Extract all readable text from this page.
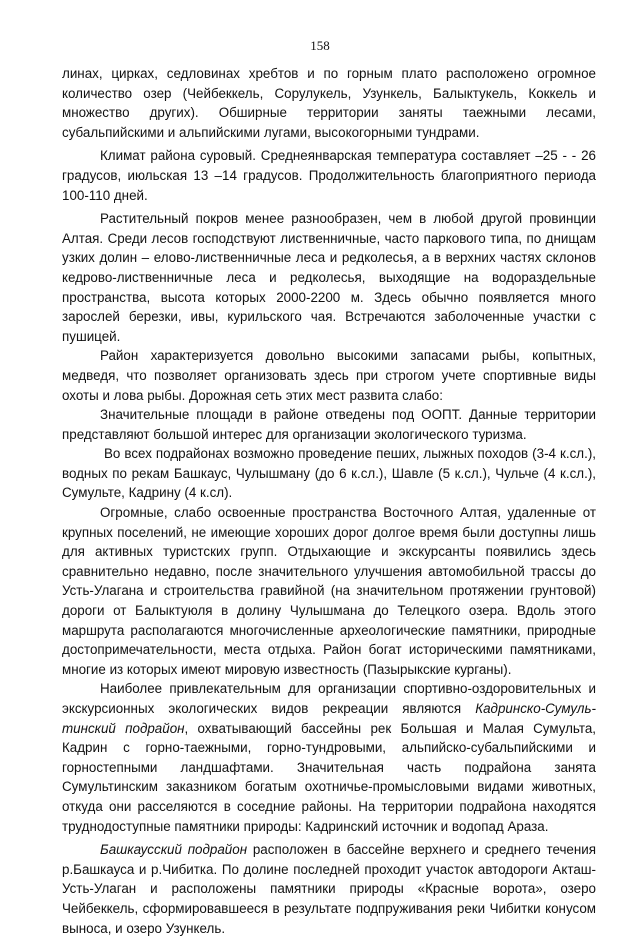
158

линах, цирках, седловинах хребтов и по горным плато расположено огромное количество озер (Чейбеккель, Сорулукель, Узункель, Балыктукель, Коккель и множество других). Обширные территории заняты таежными лесами, субальпийскими и альпийскими лугами, высокогорными тундрами.

Климат района суровый. Среднеянварская температура составляет –25 - - 26 градусов, июльская 13 –14 градусов. Продолжительность благоприятного периода 100-110 дней.

Растительный покров менее разнообразен, чем в любой другой провинции Алтая. Среди лесов господствуют лиственничные, часто паркового типа, по днищам узких долин – елово-лиственничные леса и редколесья, а в верхних частях склонов кедрово-лиственничные леса и редколесья, выходящие на водораздельные пространства, высота которых 2000-2200 м. Здесь обычно появляется много зарослей березки, ивы, курильского чая. Встречаются заболоченные участки с пушицей.

Район характеризуется довольно высокими запасами рыбы, копытных, медведя, что позволяет организовать здесь при строгом учете спортивные виды охоты и лова рыбы. Дорожная сеть этих мест развита слабо:

Значительные площади в районе отведены под ООПТ. Данные территории представляют большой интерес для организации экологического туризма.

Во всех подрайонах возможно проведение пеших, лыжных походов (3-4 к.сл.), водных по рекам Башкаус, Чулышману (до 6 к.сл.), Шавле (5 к.сл.), Чульче (4 к.сл.), Сумульте, Кадрину (4 к.сл).

Огромные, слабо освоенные пространства Восточного Алтая, удаленные от крупных поселений, не имеющие хороших дорог долгое время были доступны лишь для активных туристских групп. Отдыхающие и экскурсанты появились здесь сравнительно недавно, после значительного улучшения автомобильной трассы до Усть-Улагана и строительства гравийной (на значительном протяжении грунтовой) дороги от Балыктуюля в долину Чулышмана до Телецкого озера. Вдоль этого маршрута располагаются многочисленные археологические памятники, природные достопримечательности, места отдыха. Район богат историческими памятниками, многие из которых имеют мировую известность (Пазырыкские курганы).

Наиболее привлекательным для организации спортивно-оздоровительных и экскурсионных экологических видов рекреации являются Кадринско-Сумуль-тинский подрайон, охватывающий бассейны рек Большая и Малая Сумульта, Кадрин с горно-таежными, горно-тундровыми, альпийско-субальпийскими и горностепными ландшафтами. Значительная часть подрайона занята Сумультинским заказником богатым охотничье-промысловыми видами животных, откуда они расселяются в соседние районы. На территории подрайона находятся труднодоступные памятники природы: Кадринский источник и водопад Аразa.

Башкаусский подрайон расположен в бассейне верхнего и среднего течения р.Башкауса и р.Чибитка. По долине последней проходит участок автодороги Акташ-Усть-Улаган и расположены памятники природы «Красные ворота», озеро Чейбеккель, сформировавшееся в результате подпруживания реки Чибитки конусом выноса, и озеро Узункель.
